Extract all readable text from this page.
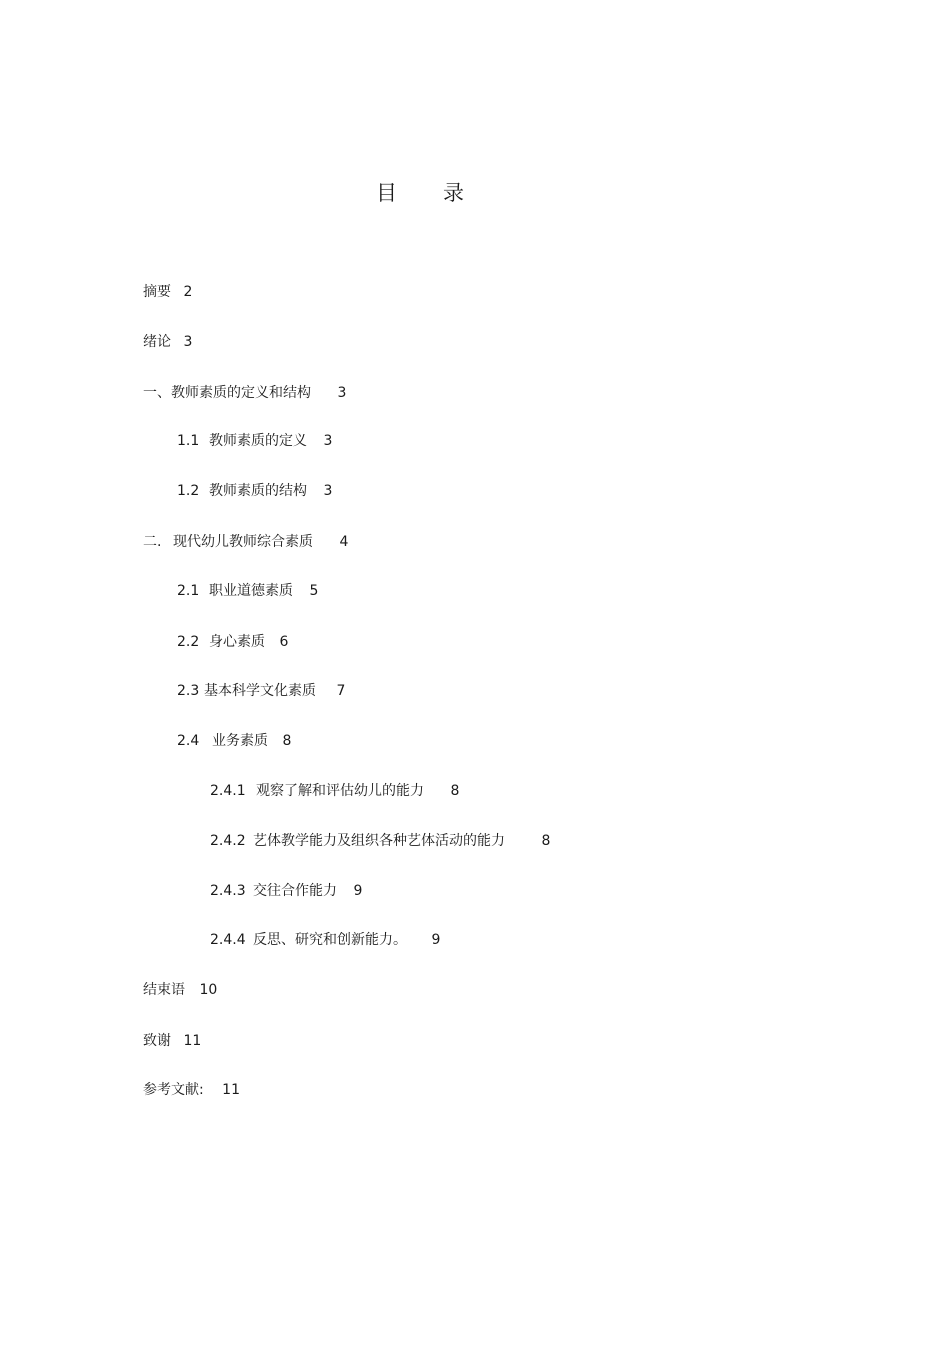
目 录
摘要 2
绪论 3
一、教师素质的定义和结构 3
1.1 教师素质的定义 3
1.2 教师素质的结构 3
二. 现代幼儿教师综合素质 4
2.1 职业道德素质 5
2.2 身心素质 6
2.3 基本科学文化素质 7
2.4 业务素质 8
2.4.1 观察了解和评估幼儿的能力 8
2.4.2 艺体教学能力及组织各种艺体活动的能力	8
2.4.3 交往合作能力 9
2.4.4 反思、研究和创新能力。 9
结束语 10
致谢 11
参考文献: 11
